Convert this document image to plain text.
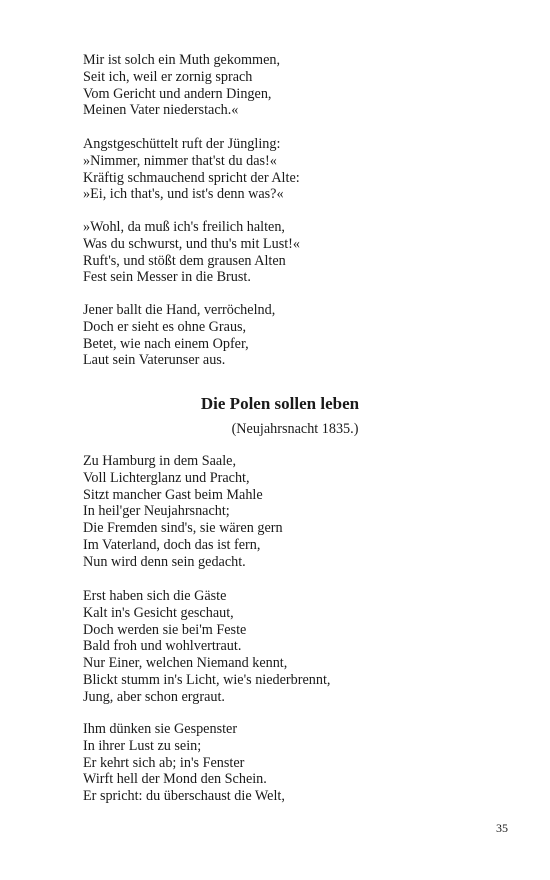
Mir ist solch ein Muth gekommen,
Seit ich, weil er zornig sprach
Vom Gericht und andern Dingen,
Meinen Vater niederstach.«
Angstgeschüttelt ruft der Jüngling:
»Nimmer, nimmer that'st du das!«
Kräftig schmauchend spricht der Alte:
»Ei, ich that's, und ist's denn was?«
»Wohl, da muß ich's freilich halten,
Was du schwurst, und thu's mit Lust!«
Ruft's, und stößt dem grausen Alten
Fest sein Messer in die Brust.
Jener ballt die Hand, verröchelnd,
Doch er sieht es ohne Graus,
Betet, wie nach einem Opfer,
Laut sein Vaterunser aus.
Die Polen sollen leben
(Neujahrsnacht 1835.)
Zu Hamburg in dem Saale,
Voll Lichterglanz und Pracht,
Sitzt mancher Gast beim Mahle
In heil'ger Neujahrsnacht;
Die Fremden sind's, sie wären gern
Im Vaterland, doch das ist fern,
Nun wird denn sein gedacht.
Erst haben sich die Gäste
Kalt in's Gesicht geschaut,
Doch werden sie bei'm Feste
Bald froh und wohlvertraut.
Nur Einer, welchen Niemand kennt,
Blickt stumm in's Licht, wie's niederbrennt,
Jung, aber schon ergraut.
Ihm dünken sie Gespenster
In ihrer Lust zu sein;
Er kehrt sich ab; in's Fenster
Wirft hell der Mond den Schein.
Er spricht: du überschaust die Welt,
35
